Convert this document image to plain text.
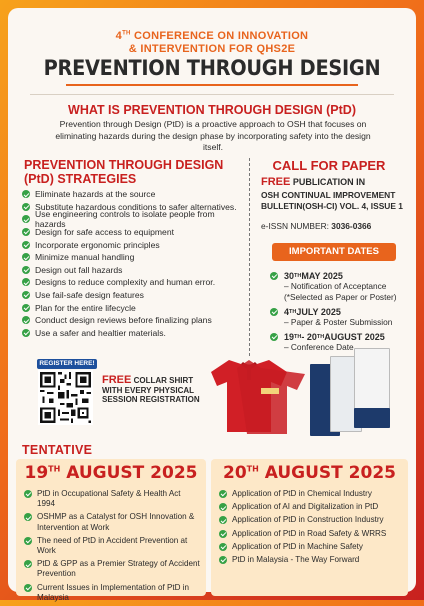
4TH CONFERENCE ON INNOVATION
& INTERVENTION FOR QHS2E
PREVENTION THROUGH DESIGN
WHAT IS PREVENTION THROUGH DESIGN (PtD)
Prevention through Design (PtD) is a proactive approach to OSH that focuses on eliminating hazards during the design phase by incorporating safety into the design itself.
PREVENTION THROUGH DESIGN (PtD) STRATEGIES
Eliminate hazards at the source
Substitute hazardous conditions to safer alternatives.
Use engineering controls to isolate people from hazards
Design for safe access to equipment
Incorporate ergonomic principles
Minimize manual handling
Design out fall hazards
Designs to reduce complexity and human error.
Use fail-safe design features
Plan for the entire lifecycle
Conduct design reviews before finalizing plans
Use a safer and healtier materials.
CALL FOR PAPER
FREE PUBLICATION IN
OSH CONTINUAL IMPROVEMENT
BULLETIN(OSH-CI) VOL. 4, ISSUE 1
e-ISSN NUMBER: 3036-0366
IMPORTANT DATES
30 TH MAY 2025
– Notification of Acceptance
(*Selected as Paper or Poster)
4 TH JULY 2025
– Paper & Poster Submission
19 TH - 20 TH AUGUST 2025
– Conference Date
REGISTER HERE!
FREE COLLAR SHIRT
WITH EVERY PHYSICAL
SESSION REGISTRATION
TENTATIVE
19TH AUGUST 2025
PtD in Occupational Safety & Health Act 1994
OSHMP as a Catalyst for OSH Innovation & Intervention at Work
The need of PtD in Accident Prevention at Work
PtD & GPP as a Premier Strategy of Accident Prevention
Current Issues in Implementation of PtD in Malaysia
20TH AUGUST 2025
Application of PtD in Chemical Industry
Application of AI and Digitalization in PtD
Application of PtD in Construction Industry
Application of PtD in Road Safety & WRRS
Application of PtD in Machine Safety
PtD in Malaysia - The Way Forward
